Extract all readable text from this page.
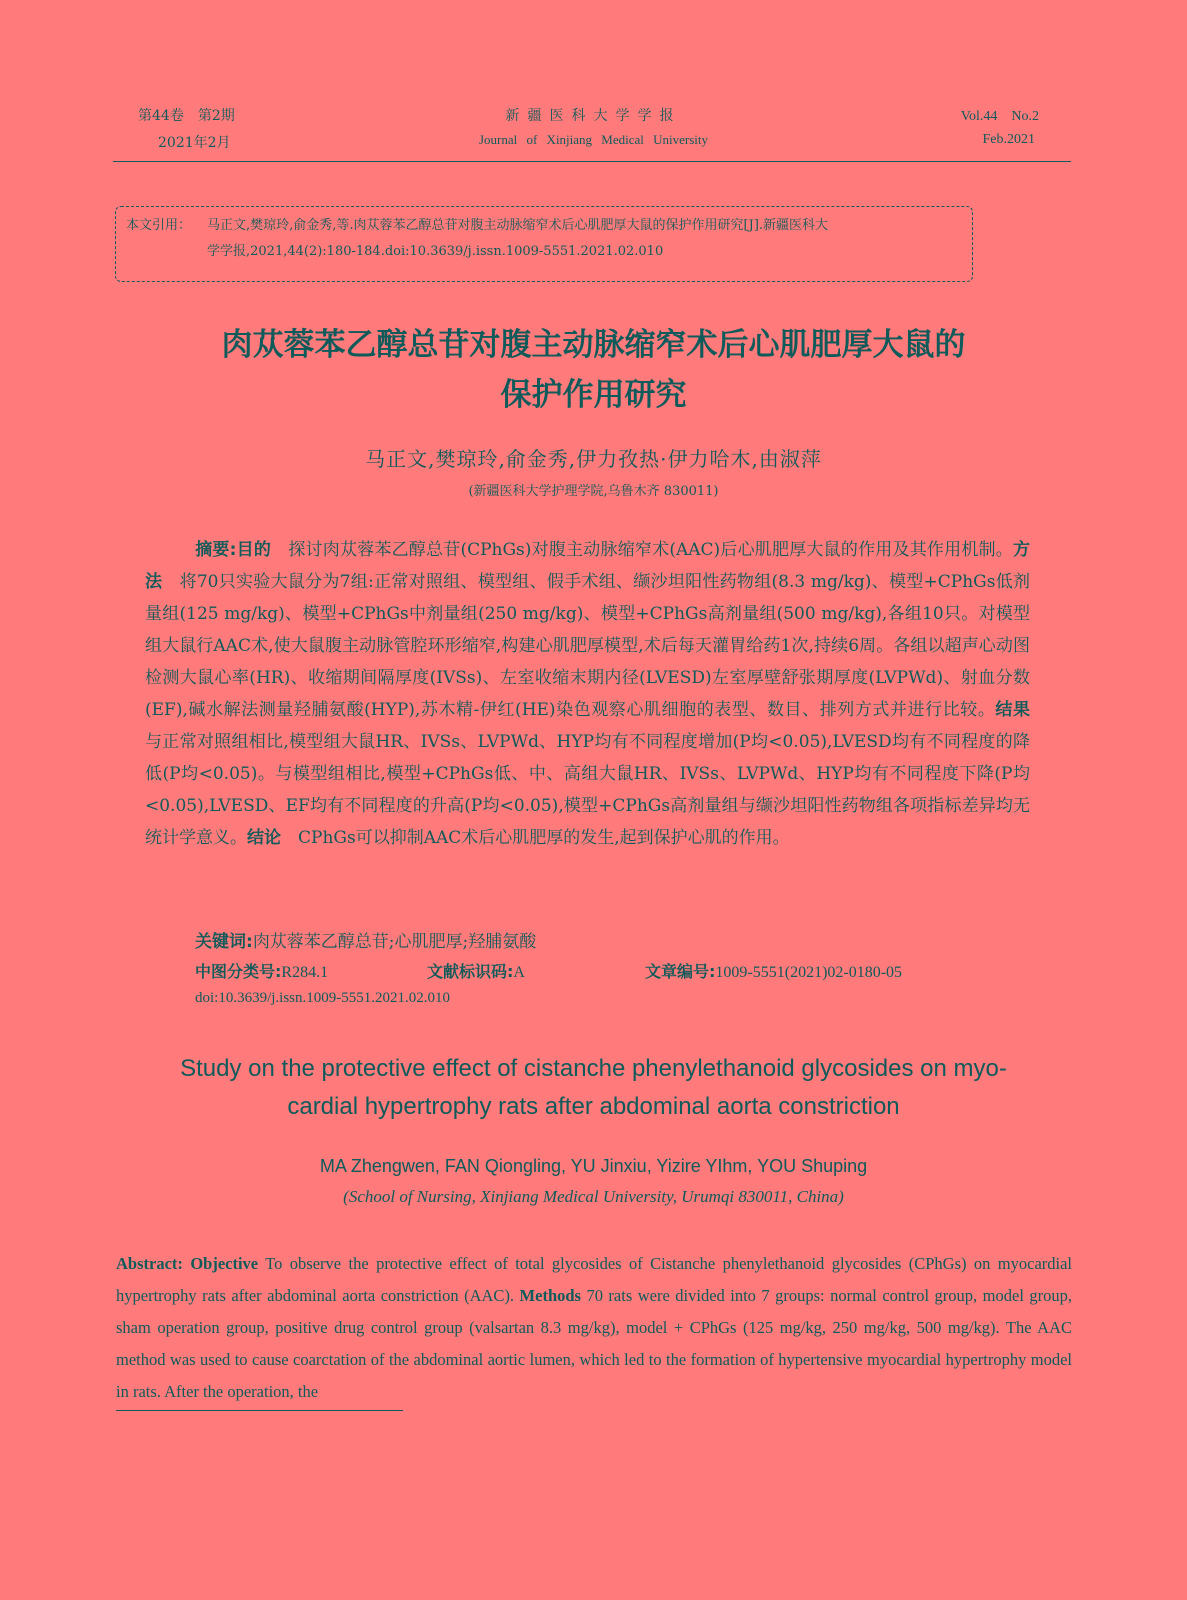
第44卷　第2期
2021年2月
新疆医科大学学报
Journal of Xinjiang Medical University
Vol.44　No.2
Feb.2021
本文引用： 马正文,樊琼玲,俞金秀,等.肉苁蓉苯乙醇总苷对腹主动脉缩窄术后心肌肥厚大鼠的保护作用研究[J].新疆医科大
学学报,2021,44(2):180-184.doi:10.3639/j.issn.1009-5551.2021.02.010
肉苁蓉苯乙醇总苷对腹主动脉缩窄术后心肌肥厚大鼠的
保护作用研究
马正文,樊琼玲,俞金秀,伊力孜热·伊力哈木,由淑萍
(新疆医科大学护理学院,乌鲁木齐 830011)
摘要:目的　 探讨肉苁蓉苯乙醇总苷(CPhGs)对腹主动脉缩窄术(AAC)后心肌肥厚大鼠的作用及其作用机制。方法　 将70只实验大鼠分为7组:正常对照组、模型组、假手术组、缬沙坦阳性药物组(8.3 mg/kg)、模型+CPhGs低剂量组(125 mg/kg)、模型+CPhGs中剂量组(250 mg/kg)、模型+CPhGs高剂量组(500 mg/kg),各组10只。对模型组大鼠行AAC术,使大鼠腹主动脉管腔环形缩窄,构建心肌肥厚模型,术后每天灌胃给药1次,持续6周。各组以超声心动图检测大鼠心率(HR)、收缩期间隔厚度(IVSs)、左室收缩末期内径(LVESD)左室厚壁舒张期厚度(LVPWd)、射血分数(EF),碱水解法测量羟脯氨酸(HYP),苏木精-伊红(HE)染色观察心肌细胞的表型、数目、排列方式并进行比较。结果　与正常对照组相比,模型组大鼠HR、IVSs、LVPWd、HYP均有不同程度增加(P均<0.05),LVESD均有不同程度的降低(P均<0.05)。与模型组相比,模型+CPhGs低、中、高组大鼠HR、IVSs、LVPWd、HYP均有不同程度下降(P均<0.05),LVESD、EF均有不同程度的升高(P均<0.05),模型+CPhGs高剂量组与缬沙坦阳性药物组各项指标差异均无统计学意义。结论　 CPhGs可以抑制AAC术后心肌肥厚的发生,起到保护心肌的作用。
关键词:肉苁蓉苯乙醇总苷;心肌肥厚;羟脯氨酸
中图分类号:R284.1	文献标识码:A	文章编号:1009-5551(2021)02-0180-05
doi:10.3639/j.issn.1009-5551.2021.02.010
Study on the protective effect of cistanche phenylethanoid glycosides on myo-
cardial hypertrophy rats after abdominal aorta constriction
MA Zhengwen, FAN Qiongling, YU Jinxiu, Yizire YIhm, YOU Shuping
(School of Nursing, Xinjiang Medical University, Urumqi 830011, China)
Abstract: Objective To observe the protective effect of total glycosides of Cistanche phenylethanoid glycosides (CPhGs) on myocardial hypertrophy rats after abdominal aorta constriction (AAC). Methods 70 rats were divided into 7 groups: normal control group, model group, sham operation group, positive drug control group (valsartan 8.3 mg/kg), model + CPhGs (125 mg/kg, 250 mg/kg, 500 mg/kg). The AAC method was used to cause coarctation of the abdominal aortic lumen, which led to the formation of hypertensive myocardial hypertrophy model in rats. After the operation, the
